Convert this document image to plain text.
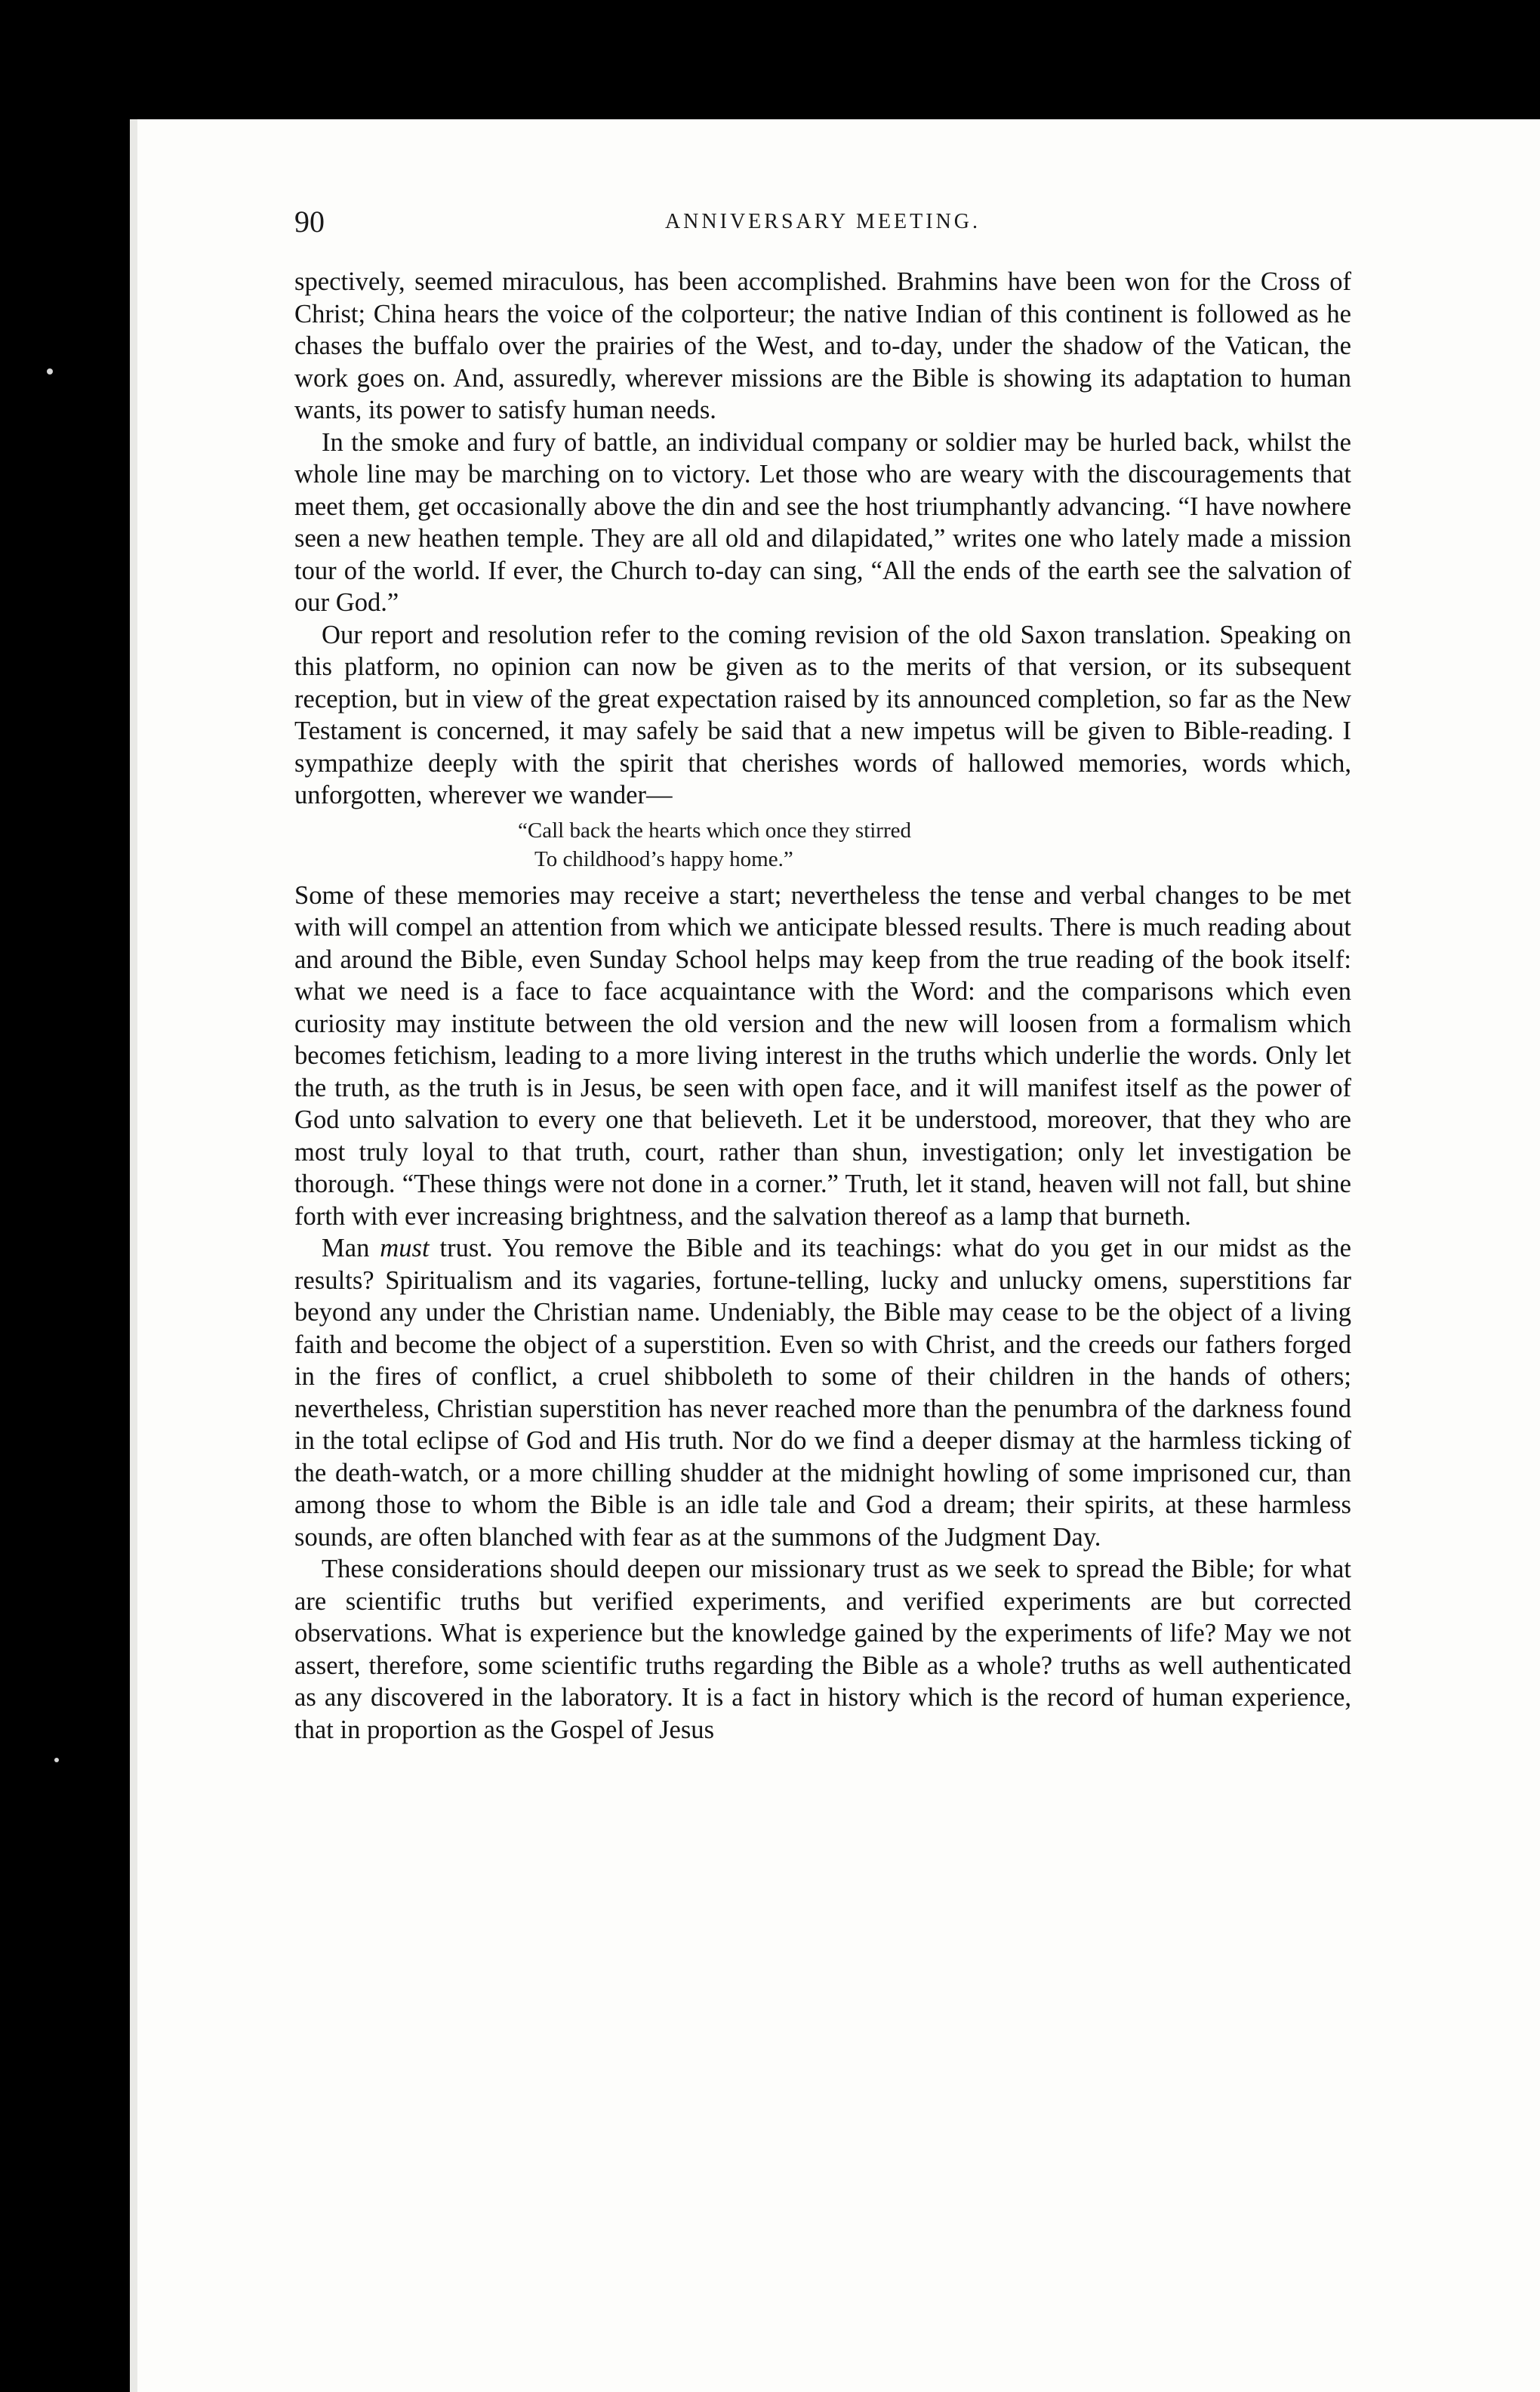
90	ANNIVERSARY MEETING.

spectively, seemed miraculous, has been accomplished. Brahmins have been won for the Cross of Christ; China hears the voice of the colporteur; the native Indian of this continent is followed as he chases the buffalo over the prairies of the West, and to-day, under the shadow of the Vatican, the work goes on. And, assuredly, wherever missions are the Bible is showing its adaptation to human wants, its power to satisfy human needs.

In the smoke and fury of battle, an individual company or soldier may be hurled back, whilst the whole line may be marching on to victory. Let those who are weary with the discouragements that meet them, get occasionally above the din and see the host triumphantly advancing. “I have nowhere seen a new heathen temple. They are all old and dilapidated,” writes one who lately made a mission tour of the world. If ever, the Church to-day can sing, “All the ends of the earth see the salvation of our God.”

Our report and resolution refer to the coming revision of the old Saxon translation. Speaking on this platform, no opinion can now be given as to the merits of that version, or its subsequent reception, but in view of the great expectation raised by its announced completion, so far as the New Testament is concerned, it may safely be said that a new impetus will be given to Bible-reading. I sympathize deeply with the spirit that cherishes words of hallowed memories, words which, unforgotten, wherever we wander—

“Call back the hearts which once they stirred
To childhood’s happy home.”

Some of these memories may receive a start; nevertheless the tense and verbal changes to be met with will compel an attention from which we anticipate blessed results. There is much reading about and around the Bible, even Sunday School helps may keep from the true reading of the book itself: what we need is a face to face acquaintance with the Word: and the comparisons which even curiosity may institute between the old version and the new will loosen from a formalism which becomes fetichism, leading to a more living interest in the truths which underlie the words. Only let the truth, as the truth is in Jesus, be seen with open face, and it will manifest itself as the power of God unto salvation to every one that believeth. Let it be understood, moreover, that they who are most truly loyal to that truth, court, rather than shun, investigation; only let investigation be thorough. “These things were not done in a corner.” Truth, let it stand, heaven will not fall, but shine forth with ever increasing brightness, and the salvation thereof as a lamp that burneth.

Man must trust. You remove the Bible and its teachings: what do you get in our midst as the results? Spiritualism and its vagaries, fortune-telling, lucky and unlucky omens, superstitions far beyond any under the Christian name. Undeniably, the Bible may cease to be the object of a living faith and become the object of a superstition. Even so with Christ, and the creeds our fathers forged in the fires of conflict, a cruel shibboleth to some of their children in the hands of others; nevertheless, Christian superstition has never reached more than the penumbra of the darkness found in the total eclipse of God and His truth. Nor do we find a deeper dismay at the harmless ticking of the death-watch, or a more chilling shudder at the midnight howling of some imprisoned cur, than among those to whom the Bible is an idle tale and God a dream; their spirits, at these harmless sounds, are often blanched with fear as at the summons of the Judgment Day.

These considerations should deepen our missionary trust as we seek to spread the Bible; for what are scientific truths but verified experiments, and verified experiments are but corrected observations. What is experience but the knowledge gained by the experiments of life? May we not assert, therefore, some scientific truths regarding the Bible as a whole? truths as well authenticated as any discovered in the laboratory. It is a fact in history which is the record of human experience, that in proportion as the Gospel of Jesus
